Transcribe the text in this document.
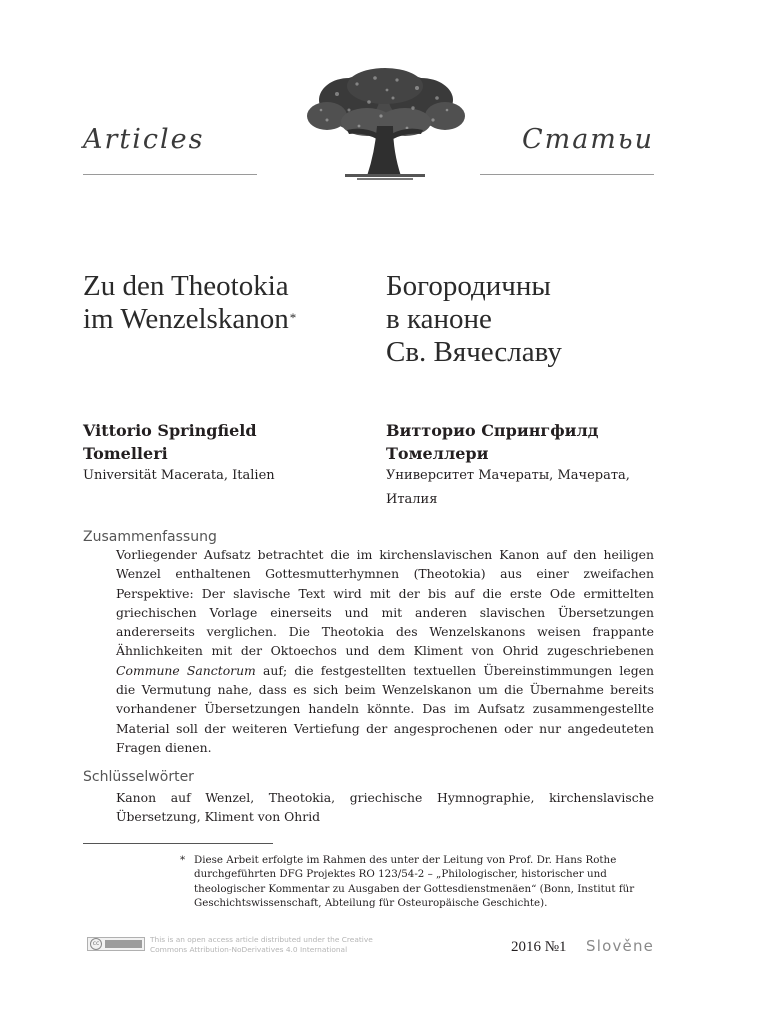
Articles	Статьи
Zu den Theotokia
im Wenzelskanon*
Богородичны
в каноне
Св. Вячеславу
Vittorio Springfield
Tomelleri
Витторио Спрингфилд
Томеллери
Universität Macerata, Italien	Университет Мачераты, Мачерата, Италия
Zusammenfassung
Vorliegender Aufsatz betrachtet die im kirchenslavischen Kanon auf den heiligen Wenzel enthaltenen Gottesmutterhymnen (Theotokia) aus einer zweifachen Perspektive: Der slavische Text wird mit der bis auf die erste Ode ermittelten griechischen Vorlage einerseits und mit anderen slavischen Übersetzungen andererseits verglichen. Die Theotokia des Wenzelskanons weisen frappante Ähnlichkeiten mit der Oktoechos und dem Kliment von Ohrid zugeschriebenen Commune Sanctorum auf; die festgestellten textuellen Übereinstimmungen legen die Vermutung nahe, dass es sich beim Wenzelskanon um die Übernahme bereits vorhandener Übersetzungen handeln könnte. Das im Aufsatz zusammengestellte Material soll der weiteren Vertiefung der angesprochenen oder nur angedeuteten Fragen dienen.
Schlüsselwörter
Kanon auf Wenzel, Theotokia, griechische Hymnographie, kirchenslavische Übersetzung, Kliment von Ohrid
* Diese Arbeit erfolgte im Rahmen des unter der Leitung von Prof. Dr. Hans Rothe durchgeführten DFG Projektes RO 123/54-2 – „Philologischer, historischer und theologischer Kommentar zu Ausgaben der Gottesdienstmenäen“ (Bonn, Institut für Geschichtswissenschaft, Abteilung für Osteuropäische Geschichte).
cc	This is an open access article distributed under the Creative Commons Attribution-NoDerivatives 4.0 International	2016 №1 Slověne
